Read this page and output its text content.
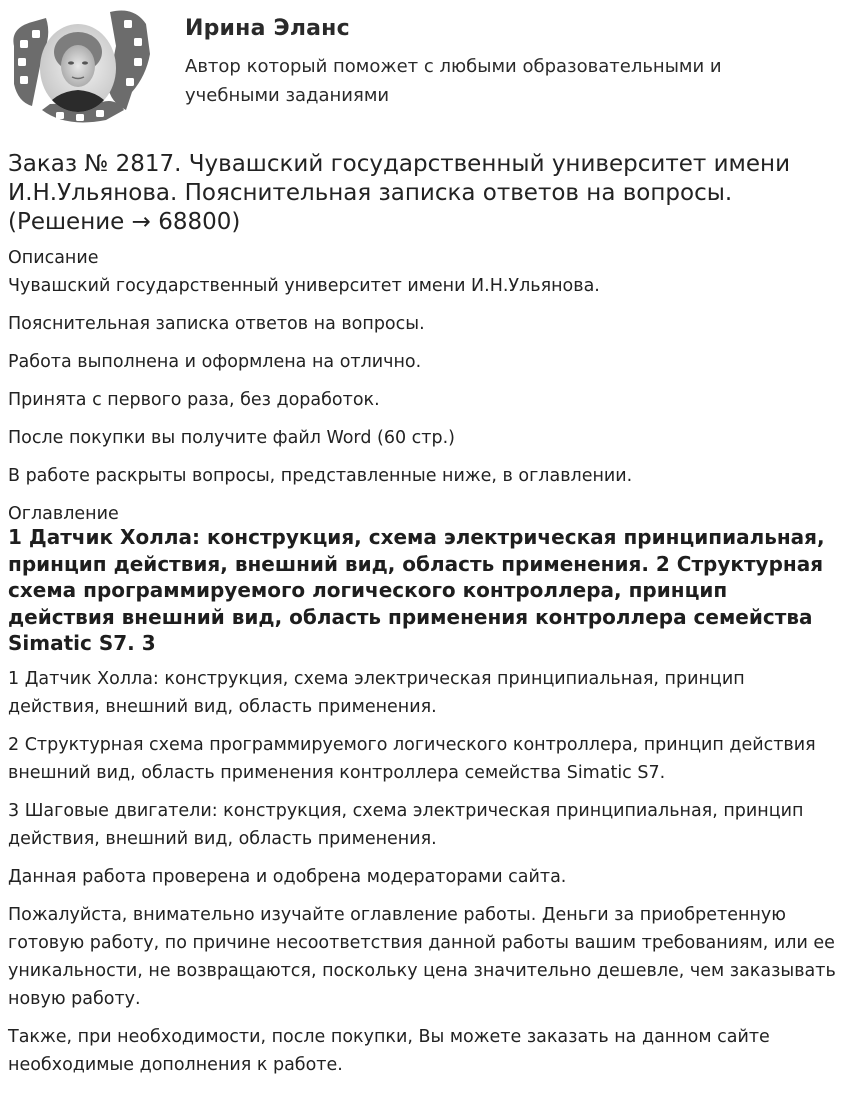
Ирина Эланс
Автор который поможет с любыми образовательными и учебными заданиями
Заказ № 2817. Чувашский государственный университет имени И.Н.Ульянова. Пояснительная записка ответов на вопросы. (Решение → 68800)
Описание
Чувашский государственный университет имени И.Н.Ульянова.
Пояснительная записка ответов на вопросы.
Работа выполнена и оформлена на отлично.
Принята с первого раза, без доработок.
После покупки вы получите файл Word (60 стр.)
В работе раскрыты вопросы, представленные ниже, в оглавлении.
Оглавление
1 Датчик Холла: конструкция, схема электрическая принципиальная, принцип действия, внешний вид, область применения. 2 Структурная схема программируемого логического контроллера, принцип действия внешний вид, область применения контроллера семейства Simatic S7. 3
1 Датчик Холла: конструкция, схема электрическая принципиальная, принцип действия, внешний вид, область применения.
2 Структурная схема программируемого логического контроллера, принцип действия внешний вид, область применения контроллера семейства Simatic S7.
3 Шаговые двигатели: конструкция, схема электрическая принципиальная, принцип действия, внешний вид, область применения.
Данная работа проверена и одобрена модераторами сайта.
Пожалуйста, внимательно изучайте оглавление работы. Деньги за приобретенную готовую работу, по причине несоответствия данной работы вашим требованиям, или ее уникальности, не возвращаются, поскольку цена значительно дешевле, чем заказывать новую работу.
Также, при необходимости, после покупки, Вы можете заказать на данном сайте необходимые дополнения к работе.
